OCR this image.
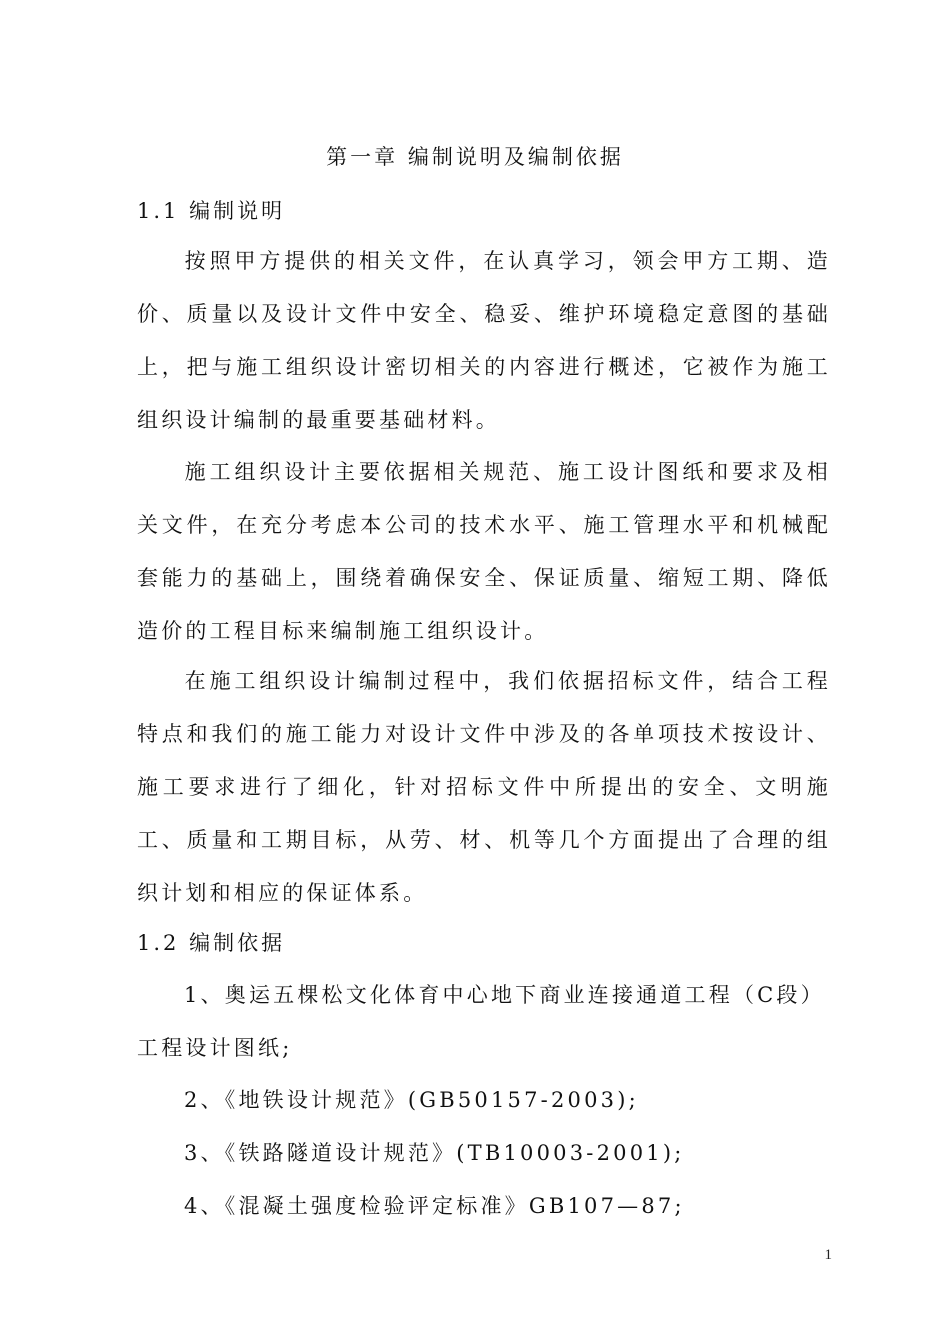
第一章 编制说明及编制依据
1.1 编制说明
按照甲方提供的相关文件，在认真学习，领会甲方工期、造价、质量以及设计文件中安全、稳妥、维护环境稳定意图的基础上，把与施工组织设计密切相关的内容进行概述，它被作为施工组织设计编制的最重要基础材料。
施工组织设计主要依据相关规范、施工设计图纸和要求及相关文件，在充分考虑本公司的技术水平、施工管理水平和机械配套能力的基础上，围绕着确保安全、保证质量、缩短工期、降低造价的工程目标来编制施工组织设计。
在施工组织设计编制过程中，我们依据招标文件，结合工程特点和我们的施工能力对设计文件中涉及的各单项技术按设计、施工要求进行了细化，针对招标文件中所提出的安全、文明施工、质量和工期目标，从劳、材、机等几个方面提出了合理的组织计划和相应的保证体系。
1.2 编制依据
1、奥运五棵松文化体育中心地下商业连接通道工程（C段）工程设计图纸;
2、《地铁设计规范》(GB50157-2003);
3、《铁路隧道设计规范》(TB10003-2001);
4、《混凝土强度检验评定标准》GB107—87;
1
